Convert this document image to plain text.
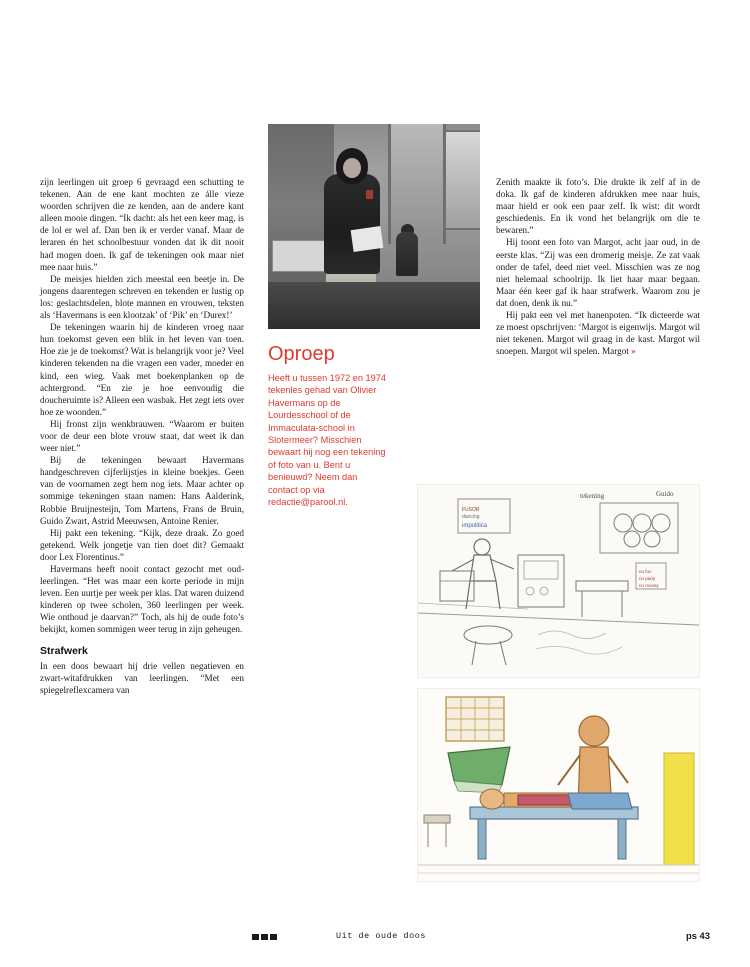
zijn leerlingen uit groep 6 gevraagd een schutting te tekenen. Aan de ene kant mochten ze álle vieze woorden schrijven die ze kenden, aan de andere kant alleen mooie dingen. “Ik dacht: als het een keer mag, is de lol er wel af. Dan ben ik er verder vanaf. Maar de leraren én het schoolbestuur vonden dat ik dit nooit had mogen doen. Ik gaf de tekeningen ook maar niet mee naar huis.”

De meisjes hielden zich meestal een beetje in. De jongens daarentegen schreven en tekenden er lustig op los: geslachtsdelen, blote mannen en vrouwen, teksten als ‘Havermans is een klootzak’ of ‘Pik’ en ‘Durex!’

De tekeningen waarin hij de kinderen vroeg naar hun toekomst geven een blik in het leven van toen. Hoe zie je de toekomst? Wat is belangrijk voor je? Veel kinderen tekenden na die vragen een vader, moeder en kind, een wieg. Vaak met boekenplanken op de achtergrond. “En zie je hoe eenvoudig die doucheruimte is? Alleen een wasbak. Het zegt iets over hoe ze woonden.”

Hij fronst zijn wenkbrauwen. “Waarom er buiten voor de deur een blote vrouw staat, dat weet ik dan weer niet.”

Bij de tekeningen bewaart Havermans handgeschreven cijferlijstjes in kleine boekjes. Geen van de voornamen zegt hem nog iets. Maar achter op sommige tekeningen staan namen: Hans Aalderink, Robbie Bruijnesteijn, Tom Martens, Frans de Bruin, Guido Zwart, Astrid Meeuwsen, Antoine Renier.

Hij pakt een tekening. “Kijk, deze draak. Zo goed getekend. Welk jongetje van tien doet dit? Gemaakt door Lex Florentinus.”

Havermans heeft nooit contact gezocht met oud-leerlingen. “Het was maar een korte periode in mijn leven. Een uurtje per week per klas. Dat waren duizend kinderen op twee scholen, 360 leerlingen per week. Wie onthoud je daarvan?” Toch, als hij de oude foto’s bekijkt, komen sommigen weer terug in zijn geheugen.

Strafwerk

In een doos bewaart hij drie vellen negatieven en zwart-witafdrukken van leerlingen. “Met een spiegelreflexcamera van

Oproep

Heeft u tussen 1972 en 1974 tekenles gehad van Olivier Havermans op de Lourdesschool of de Immaculata-school in Slotermeer? Misschien bewaart hij nog een tekening of foto van u. Bent u benieuwd? Neem dan contact op via redactie@parool.nl.

Zenith maakte ik foto’s. Die drukte ik zelf af in de doka. Ik gaf de kinderen afdrukken mee naar huis, maar hield er ook een paar zelf. Ik wist: dit wordt geschiedenis. En ik vond het belangrijk om die te bewaren.”

Hij toont een foto van Margot, acht jaar oud, in de eerste klas. “Zij was een dromerig meisje. Ze zat vaak onder de tafel, deed niet veel. Misschien was ze nog niet helemaal schoolrijp. Ik liet haar maar begaan. Maar één keer gaf ik haar strafwerk. Waarom zou je dat doen, denk ik nu.”

Hij pakt een vel met hanenpoten. “Ik dicteerde wat ze moest opschrijven: ‘Margot is eigenwijs. Margot wil niet tekenen. Margot wil graag in de kast. Margot wil snoepen. Margot wil spelen. Margot »

FUSOR
dancing
impolitica
tekening	Guido
no fun
no party
no money
Uit de oude doos	ps 43
